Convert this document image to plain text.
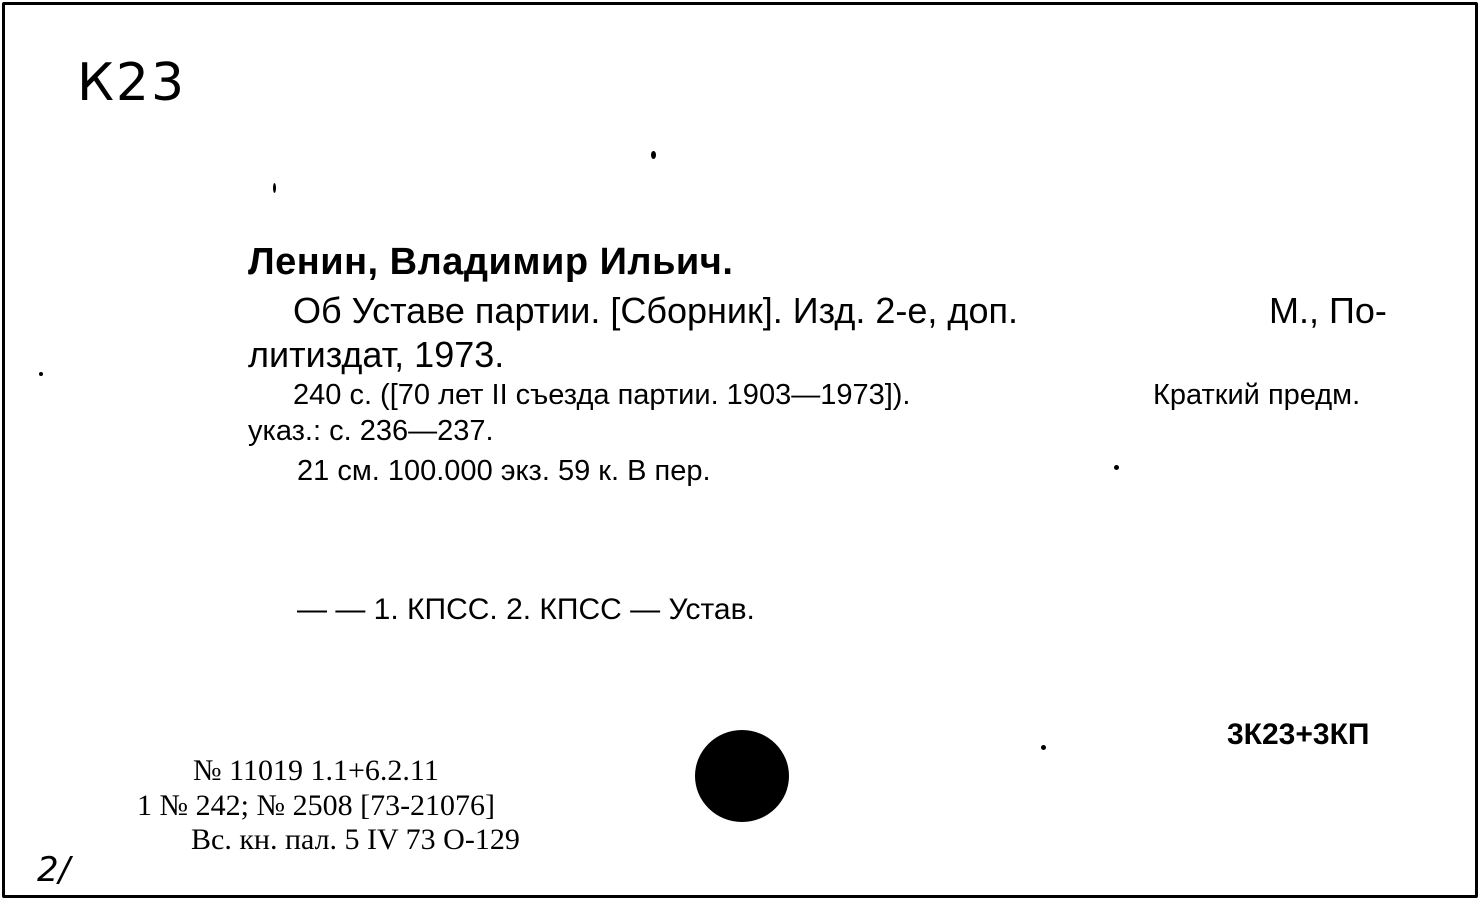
К23
Ленин, Владимир Ильич.
Об Уставе партии. [Сборник]. Изд. 2-е, доп.	М., По-
литиздат, 1973.
240 с. ([70 лет II съезда партии. 1903—1973]).	Краткий предм.
указ.: с. 236—237.
21 см. 100.000 экз. 59 к. В пер.
— — 1. КПСС. 2. КПСС — Устав.
3К23+3КП
№ 11019 1.1+6.2.11
1 № 242; № 2508 [73-21076]
Вс. кн. пал. 5 IV 73 О-129
2/
